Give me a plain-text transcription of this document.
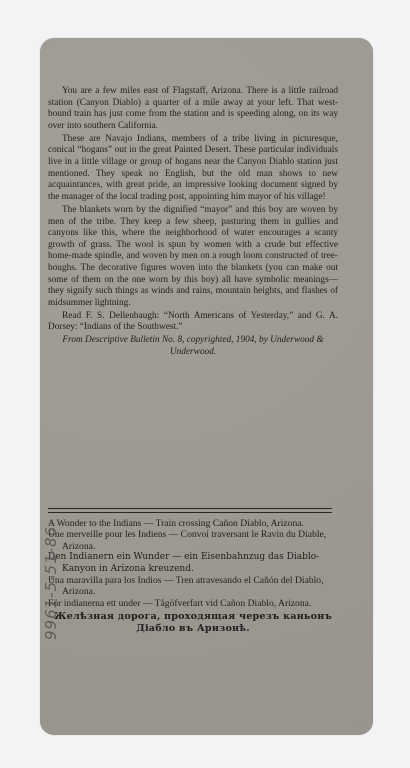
You are a few miles east of Flagstaff, Arizona. There is a little railroad station (Canyon Diablo) a quarter of a mile away at your left. That west-bound train has just come from the station and is speeding along, on its way over into southern California.

These are Navajo Indians, members of a tribe living in picturesque, conical “hogans” out in the great Painted Desert. These particular individuals live in a little village or group of hogans near the Canyon Diablo station just mentioned. They speak no English, but the old man shows to new acquaintances, with great pride, an impressive looking document signed by the manager of the local trading post, appointing him mayor of his village!

The blankets worn by the dignified “mayor” and this boy are woven by men of the tribe. They keep a few sheep, pasturing them in gullies and canyons like this, where the neighborhood of water encourages a scanty growth of grass. The wool is spun by women with a crude but effective home-made spindle, and woven by men on a rough loom constructed of tree-boughs. The decorative figures woven into the blankets (you can make out some of them on the one worn by this boy) all have symbolic meanings—they signify such things as winds and rains, mountain heights, and flashes of midsummer lightning.

Read F. S. Dellenbaugh: “North Americans of Yesterday,” and G. A. Dorsey: “Indians of the Southwest.”

From Descriptive Bulletin No. 8, copyrighted, 1904, by Underwood & Underwood.

A Wonder to the Indians — Train crossing Cañon Diablo, Arizona.

Une merveille pour les Indiens — Convoi traversant le Ravin du Diable, Arizona.

Den Indianern ein Wunder — ein Eisenbahnzug das Diablo-Kanyon in Arizona kreuzend.

Una maravilla para los Indios — Tren atravesando el Cañón del Diablo, Arizona.

För indianerna ett under — Tågöfverfart vid Cañon Diablo, Arizona.

Желѣзная дорога, проходящая черезъ каньонъ Діабло въ Аризонѣ.

9961-5-51-86
